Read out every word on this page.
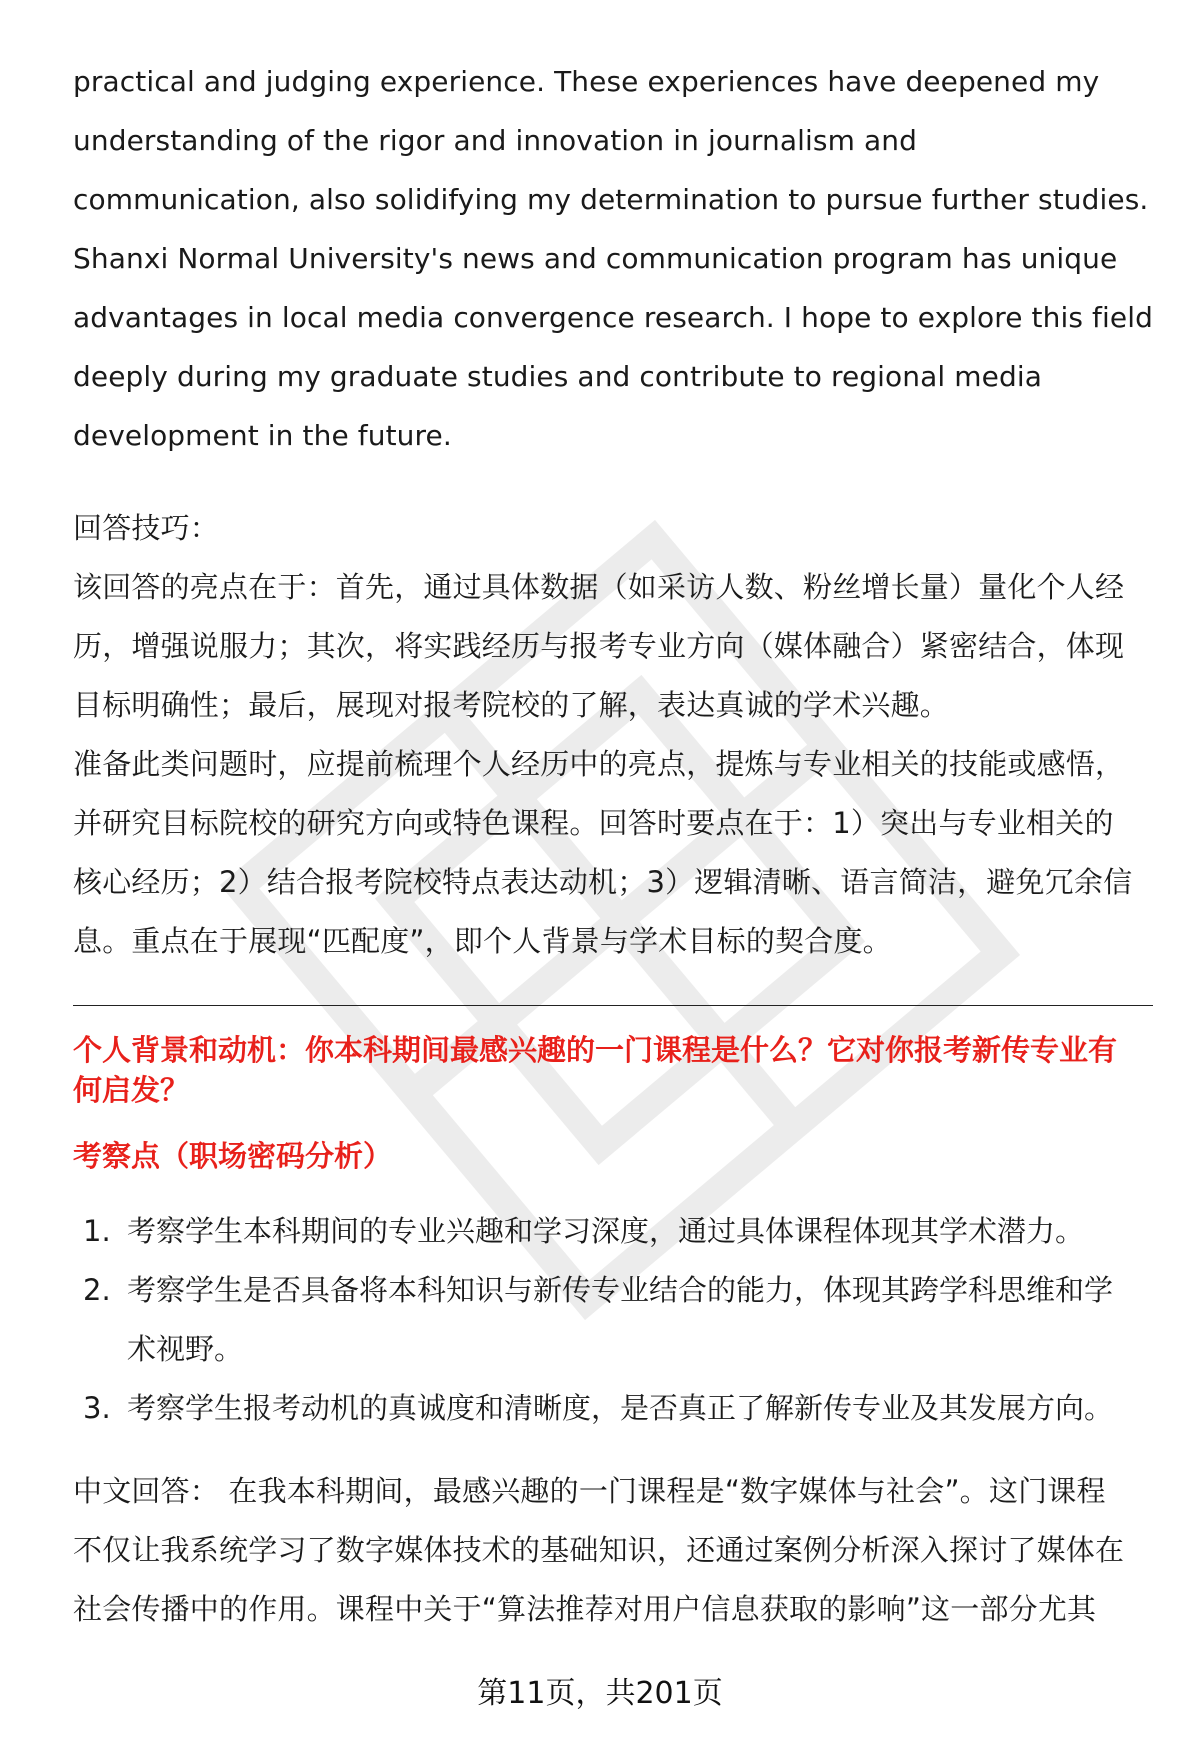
practical and judging experience. These experiences have deepened my

understanding of the rigor and innovation in journalism and

communication, also solidifying my determination to pursue further studies.

Shanxi Normal University's news and communication program has unique

advantages in local media convergence research. I hope to explore this field

deeply during my graduate studies and contribute to regional media

development in the future.

回答技巧：

该回答的亮点在于：首先，通过具体数据（如采访人数、粉丝增长量）量化个人经

历，增强说服力；其次，将实践经历与报考专业方向（媒体融合）紧密结合，体现

目标明确性；最后，展现对报考院校的了解，表达真诚的学术兴趣。

准备此类问题时，应提前梳理个人经历中的亮点，提炼与专业相关的技能或感悟，

并研究目标院校的研究方向或特色课程。回答时要点在于：1）突出与专业相关的

核心经历；2）结合报考院校特点表达动机；3）逻辑清晰、语言简洁，避免冗余信

息。重点在于展现“匹配度”，即个人背景与学术目标的契合度。

个人背景和动机：你本科期间最感兴趣的一门课程是什么？它对你报考新传专业有

何启发？

考察点（职场密码分析）

1. 考察学生本科期间的专业兴趣和学习深度，通过具体课程体现其学术潜力。
2. 考察学生是否具备将本科知识与新传专业结合的能力，体现其跨学科思维和学
术视野。
3. 考察学生报考动机的真诚度和清晰度，是否真正了解新传专业及其发展方向。

中文回答： 在我本科期间，最感兴趣的一门课程是“数字媒体与社会”。这门课程

不仅让我系统学习了数字媒体技术的基础知识，还通过案例分析深入探讨了媒体在

社会传播中的作用。课程中关于“算法推荐对用户信息获取的影响”这一部分尤其

第11页，共201页
